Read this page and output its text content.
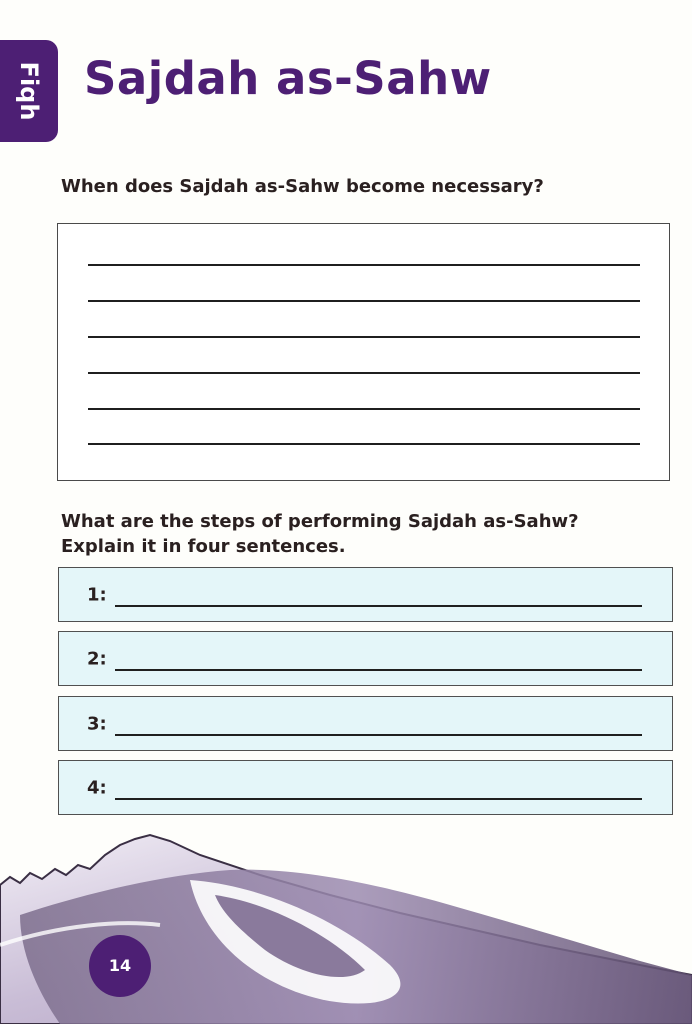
Fiqh Sajdah as-Sahw

When does Sajdah as-Sahw become necessary?

What are the steps of performing Sajdah as-Sahw?
Explain it in four sentences.

1:
2:
3:
4:
14
